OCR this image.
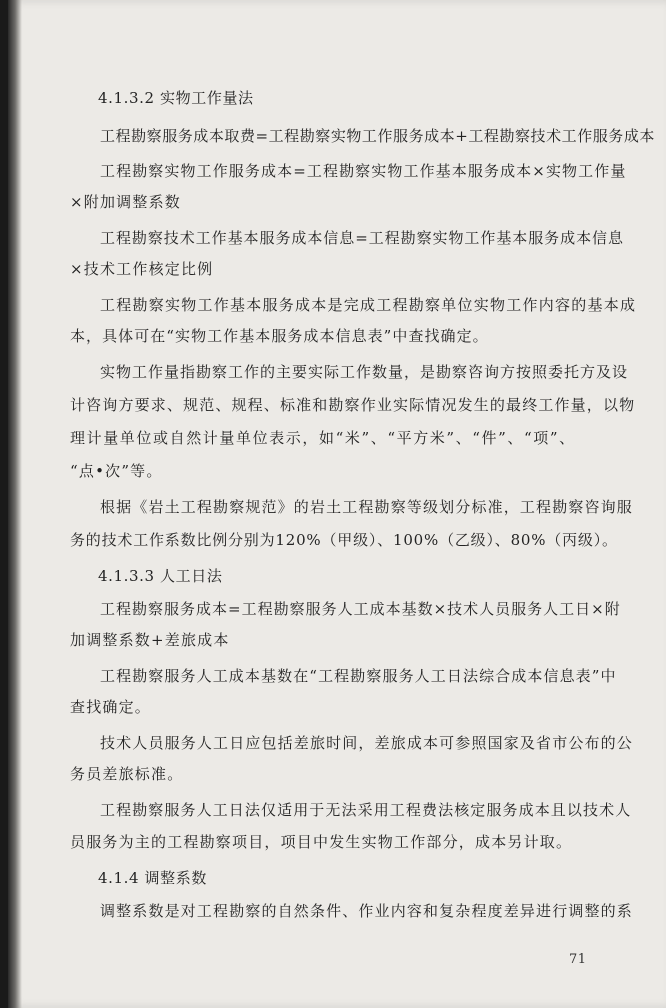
4.1.3.2 实物工作量法
工程勘察服务成本取费=工程勘察实物工作服务成本+工程勘察技术工作服务成本
工程勘察实物工作服务成本=工程勘察实物工作基本服务成本×实物工作量
×附加调整系数
工程勘察技术工作基本服务成本信息=工程勘察实物工作基本服务成本信息
×技术工作核定比例
工程勘察实物工作基本服务成本是完成工程勘察单位实物工作内容的基本成
本，具体可在“实物工作基本服务成本信息表”中查找确定。
实物工作量指勘察工作的主要实际工作数量，是勘察咨询方按照委托方及设
计咨询方要求、规范、规程、标准和勘察作业实际情况发生的最终工作量，以物
理计量单位或自然计量单位表示，如“米”、“平方米”、“件”、“项”、
“点•次”等。
根据《岩土工程勘察规范》的岩土工程勘察等级划分标准，工程勘察咨询服
务的技术工作系数比例分别为120%（甲级）、100%（乙级）、80%（丙级）。
4.1.3.3 人工日法
工程勘察服务成本=工程勘察服务人工成本基数×技术人员服务人工日×附
加调整系数+差旅成本
工程勘察服务人工成本基数在“工程勘察服务人工日法综合成本信息表”中
查找确定。
技术人员服务人工日应包括差旅时间，差旅成本可参照国家及省市公布的公
务员差旅标准。
工程勘察服务人工日法仅适用于无法采用工程费法核定服务成本且以技术人
员服务为主的工程勘察项目，项目中发生实物工作部分，成本另计取。
4.1.4 调整系数
调整系数是对工程勘察的自然条件、作业内容和复杂程度差异进行调整的系
71
